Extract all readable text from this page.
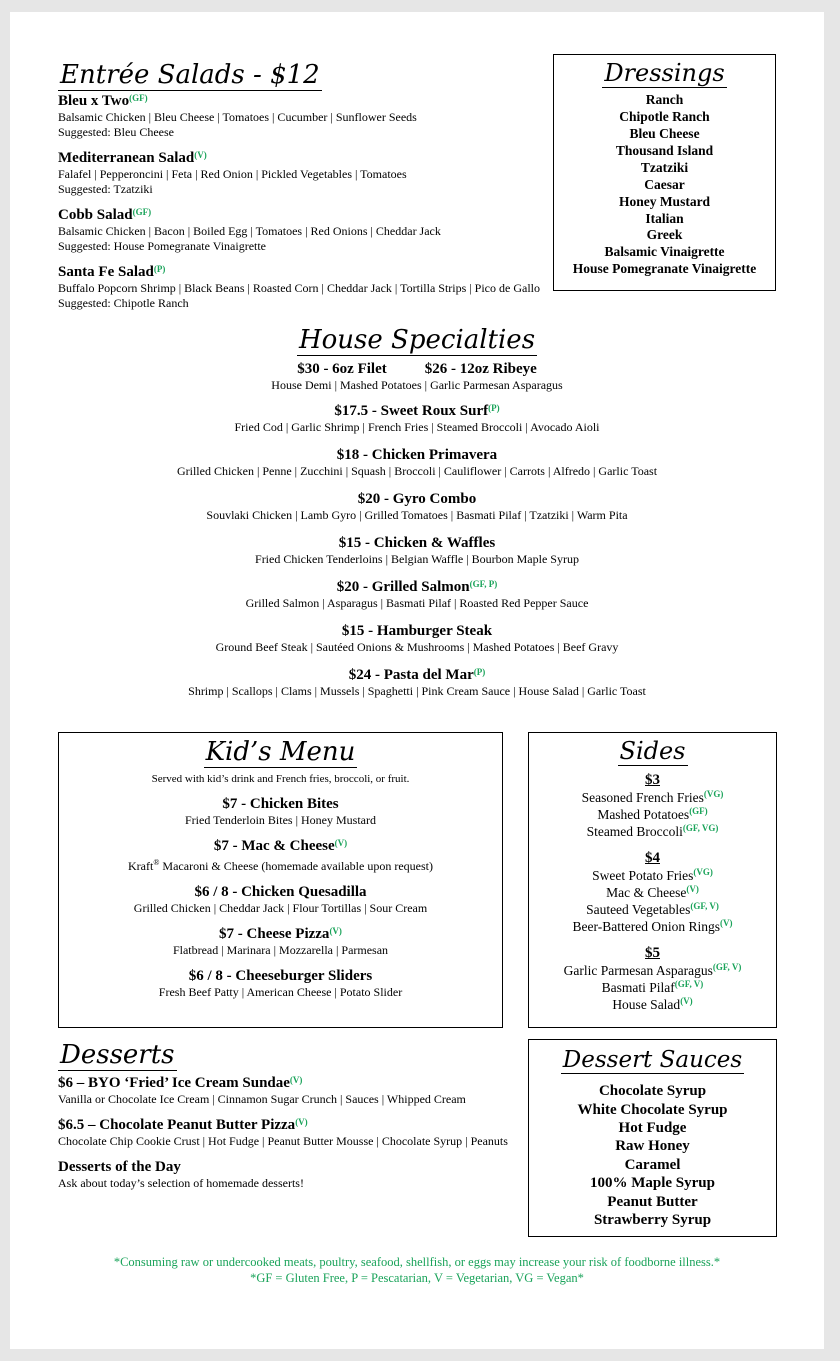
Entrée Salads - $12
Bleu x Two$^{(GF)}$
Balsamic Chicken | Bleu Cheese | Tomatoes | Cucumber | Sunflower Seeds
Suggested: Bleu Cheese
Mediterranean Salad$^{(V)}$
Falafel | Pepperoncini | Feta | Red Onion | Pickled Vegetables | Tomatoes
Suggested: Tzatziki
Cobb Salad$^{(GF)}$
Balsamic Chicken | Bacon | Boiled Egg | Tomatoes | Red Onions | Cheddar Jack
Suggested: House Pomegranate Vinaigrette
Santa Fe Salad$^{(P)}$
Buffalo Popcorn Shrimp | Black Beans | Roasted Corn | Cheddar Jack | Tortilla Strips | Pico de Gallo
Suggested: Chipotle Ranch
Dressings
Ranch
Chipotle Ranch
Bleu Cheese
Thousand Island
Tzatziki
Caesar
Honey Mustard
Italian
Greek
Balsamic Vinaigrette
House Pomegranate Vinaigrette
House Specialties
$30 - 6oz Filet	$26 - 12oz Ribeye
House Demi | Mashed Potatoes | Garlic Parmesan Asparagus
$17.5 - Sweet Roux Surf$^{(P)}$
Fried Cod | Garlic Shrimp | French Fries | Steamed Broccoli | Avocado Aioli
$18 - Chicken Primavera
Grilled Chicken | Penne | Zucchini | Squash | Broccoli | Cauliflower | Carrots | Alfredo | Garlic Toast
$20 - Gyro Combo
Souvlaki Chicken | Lamb Gyro | Grilled Tomatoes | Basmati Pilaf | Tzatziki | Warm Pita
$15 - Chicken & Waffles
Fried Chicken Tenderloins | Belgian Waffle | Bourbon Maple Syrup
$20 - Grilled Salmon$^{(GF, P)}$
Grilled Salmon | Asparagus | Basmati Pilaf | Roasted Red Pepper Sauce
$15 - Hamburger Steak
Ground Beef Steak | Sautéed Onions & Mushrooms | Mashed Potatoes | Beef Gravy
$24 - Pasta del Mar$^{(P)}$
Shrimp | Scallops | Clams | Mussels | Spaghetti | Pink Cream Sauce | House Salad | Garlic Toast
Kid’s Menu
Served with kid’s drink and French fries, broccoli, or fruit.
$7 - Chicken Bites
Fried Tenderloin Bites | Honey Mustard
$7 - Mac & Cheese$^{(V)}$
Kraft® Macaroni & Cheese (homemade available upon request)
$6 / 8 - Chicken Quesadilla
Grilled Chicken | Cheddar Jack | Flour Tortillas | Sour Cream
$7 - Cheese Pizza$^{(V)}$
Flatbread | Marinara | Mozzarella | Parmesan
$6 / 8 - Cheeseburger Sliders
Fresh Beef Patty | American Cheese | Potato Slider
Sides
$3
Seasoned French Fries$^{(VG)}$
Mashed Potatoes$^{(GF)}$
Steamed Broccoli$^{(GF, VG)}$
$4
Sweet Potato Fries$^{(VG)}$
Mac & Cheese$^{(V)}$
Sauteed Vegetables$^{(GF, V)}$
Beer-Battered Onion Rings$^{(V)}$
$5
Garlic Parmesan Asparagus$^{(GF, V)}$
Basmati Pilaf$^{(GF, V)}$
House Salad$^{(V)}$
Desserts
$6 – BYO ‘Fried’ Ice Cream Sundae$^{(V)}$
Vanilla or Chocolate Ice Cream | Cinnamon Sugar Crunch | Sauces | Whipped Cream
$6.5 – Chocolate Peanut Butter Pizza$^{(V)}$
Chocolate Chip Cookie Crust | Hot Fudge | Peanut Butter Mousse | Chocolate Syrup | Peanuts
Desserts of the Day
Ask about today’s selection of homemade desserts!
Dessert Sauces
Chocolate Syrup
White Chocolate Syrup
Hot Fudge
Raw Honey
Caramel
100% Maple Syrup
Peanut Butter
Strawberry Syrup
*Consuming raw or undercooked meats, poultry, seafood, shellfish, or eggs may increase your risk of foodborne illness.*
*GF = Gluten Free, P = Pescatarian, V = Vegetarian, VG = Vegan*
